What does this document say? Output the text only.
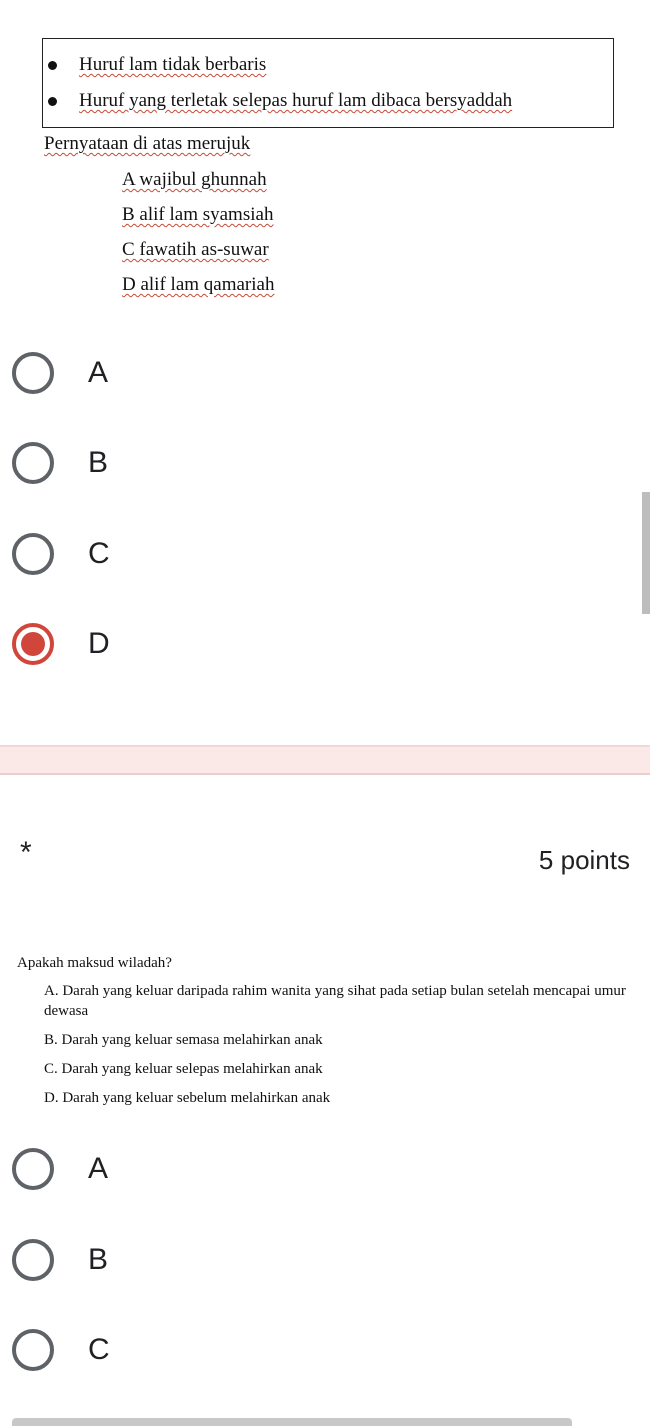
Huruf lam tidak berbaris
Huruf yang terletak selepas huruf lam dibaca bersyaddah
Pernyataan di atas merujuk
A wajibul ghunnah
B alif lam syamsiah
C fawatih as-suwar
D alif lam qamariah
A
B
C
D
*	5 points
Apakah maksud wiladah?
A. Darah yang keluar daripada rahim wanita yang sihat pada setiap bulan setelah mencapai umur
dewasa
B. Darah yang keluar semasa melahirkan anak
C. Darah yang keluar selepas melahirkan anak
D. Darah yang keluar sebelum melahirkan anak
A
B
C
